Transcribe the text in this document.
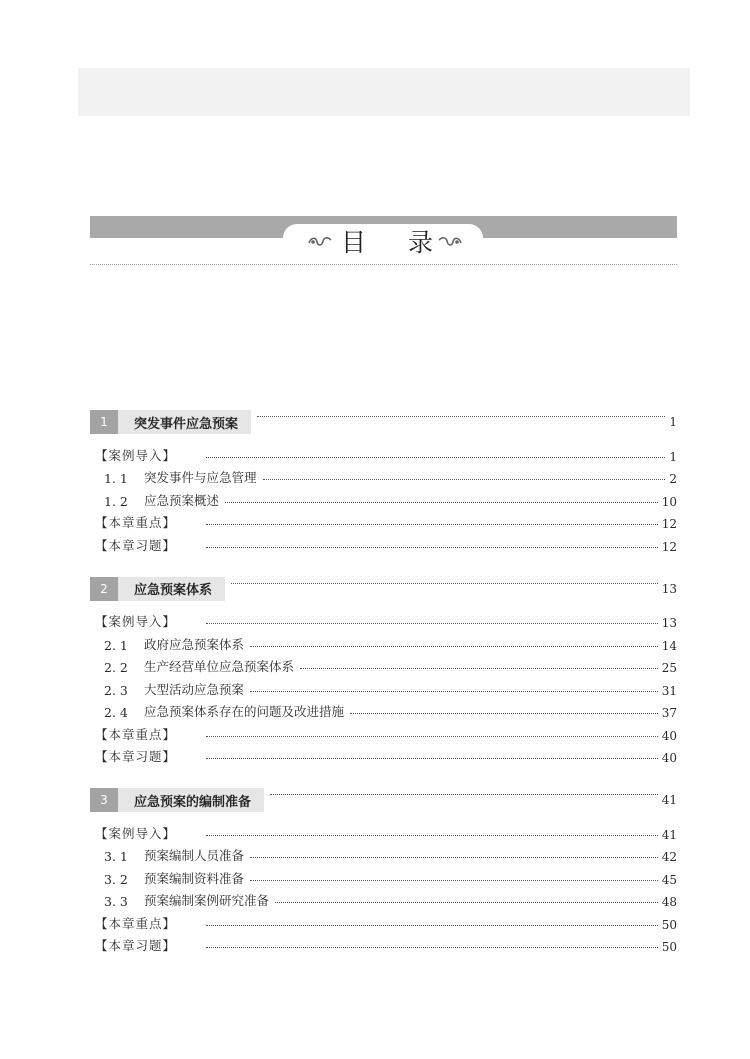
目 录
1	突发事件应急预案	1
【案例导入】	1
1. 1	突发事件与应急管理	2
1. 2	应急预案概述	10
【本章重点】	12
【本章习题】	12
2	应急预案体系	13
【案例导入】	13
2. 1	政府应急预案体系	14
2. 2	生产经营单位应急预案体系	25
2. 3	大型活动应急预案	31
2. 4	应急预案体系存在的问题及改进措施	37
【本章重点】	40
【本章习题】	40
3	应急预案的编制准备	41
【案例导入】	41
3. 1	预案编制人员准备	42
3. 2	预案编制资料准备	45
3. 3	预案编制案例研究准备	48
【本章重点】	50
【本章习题】	50
